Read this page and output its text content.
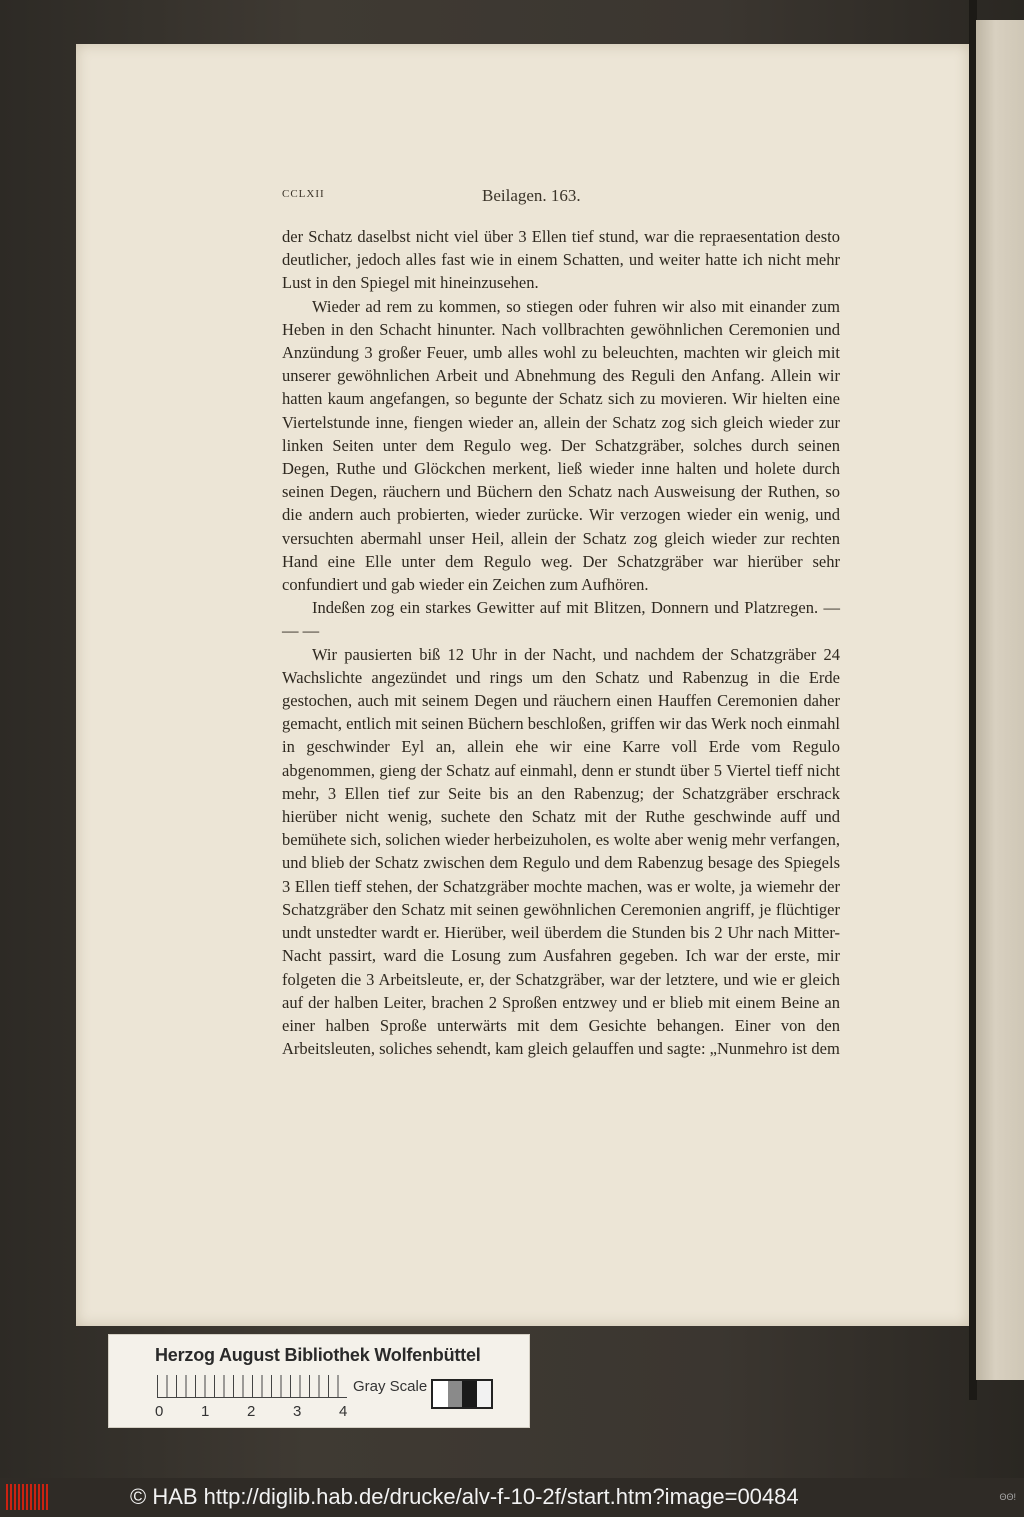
CCLXII	Beilagen. 163.

der Schatz daselbst nicht viel über 3 Ellen tief stund, war die repraesentation desto deutlicher, jedoch alles fast wie in einem Schatten, und weiter hatte ich nicht mehr Lust in den Spiegel mit hineinzusehen.

Wieder ad rem zu kommen, so stiegen oder fuhren wir also mit einander zum Heben in den Schacht hinunter. Nach vollbrachten gewöhnlichen Ceremonien und Anzündung 3 großer Feuer, umb alles wohl zu beleuchten, machten wir gleich mit unserer gewöhnlichen Arbeit und Abnehmung des Reguli den Anfang. Allein wir hatten kaum angefangen, so begunte der Schatz sich zu movieren. Wir hielten eine Viertelstunde inne, fiengen wieder an, allein der Schatz zog sich gleich wieder zur linken Seiten unter dem Regulo weg. Der Schatzgräber, solches durch seinen Degen, Ruthe und Glöckchen merkent, ließ wieder inne halten und holete durch seinen Degen, räuchern und Büchern den Schatz nach Ausweisung der Ruthen, so die andern auch probierten, wieder zurücke. Wir verzogen wieder ein wenig, und versuchten abermahl unser Heil, allein der Schatz zog gleich wieder zur rechten Hand eine Elle unter dem Regulo weg. Der Schatzgräber war hierüber sehr confundiert und gab wieder ein Zeichen zum Aufhören.

Indeßen zog ein starkes Gewitter auf mit Blitzen, Donnern und Platzregen. — — —

Wir pausierten biß 12 Uhr in der Nacht, und nachdem der Schatzgräber 24 Wachslichte angezündet und rings um den Schatz und Rabenzug in die Erde gestochen, auch mit seinem Degen und räuchern einen Hauffen Ceremonien daher gemacht, entlich mit seinen Büchern beschloßen, griffen wir das Werk noch einmahl in geschwinder Eyl an, allein ehe wir eine Karre voll Erde vom Regulo abgenommen, gieng der Schatz auf einmahl, denn er stundt über 5 Viertel tieff nicht mehr, 3 Ellen tief zur Seite bis an den Rabenzug; der Schatzgräber erschrack hierüber nicht wenig, suchete den Schatz mit der Ruthe geschwinde auff und bemühete sich, solichen wieder herbeizuholen, es wolte aber wenig mehr verfangen, und blieb der Schatz zwischen dem Regulo und dem Rabenzug besage des Spiegels 3 Ellen tieff stehen, der Schatzgräber mochte machen, was er wolte, ja wiemehr der Schatzgräber den Schatz mit seinen gewöhnlichen Ceremonien angriff, je flüchtiger undt unstedter wardt er. Hierüber, weil überdem die Stunden bis 2 Uhr nach Mitter-Nacht passirt, ward die Losung zum Ausfahren gegeben. Ich war der erste, mir folgeten die 3 Arbeitsleute, er, der Schatzgräber, war der letztere, und wie er gleich auf der halben Leiter, brachen 2 Sproßen entzwey und er blieb mit einem Beine an einer halben Sproße unterwärts mit dem Gesichte behangen. Einer von den Arbeitsleuten, soliches sehendt, kam gleich gelauffen und sagte: „Nunmehro ist dem

Herzog August Bibliothek Wolfenbüttel
0	1	2	3	4
Gray Scale
© HAB http://diglib.hab.de/drucke/alv-f-10-2f/start.htm?image=00484	ΘΘ!
